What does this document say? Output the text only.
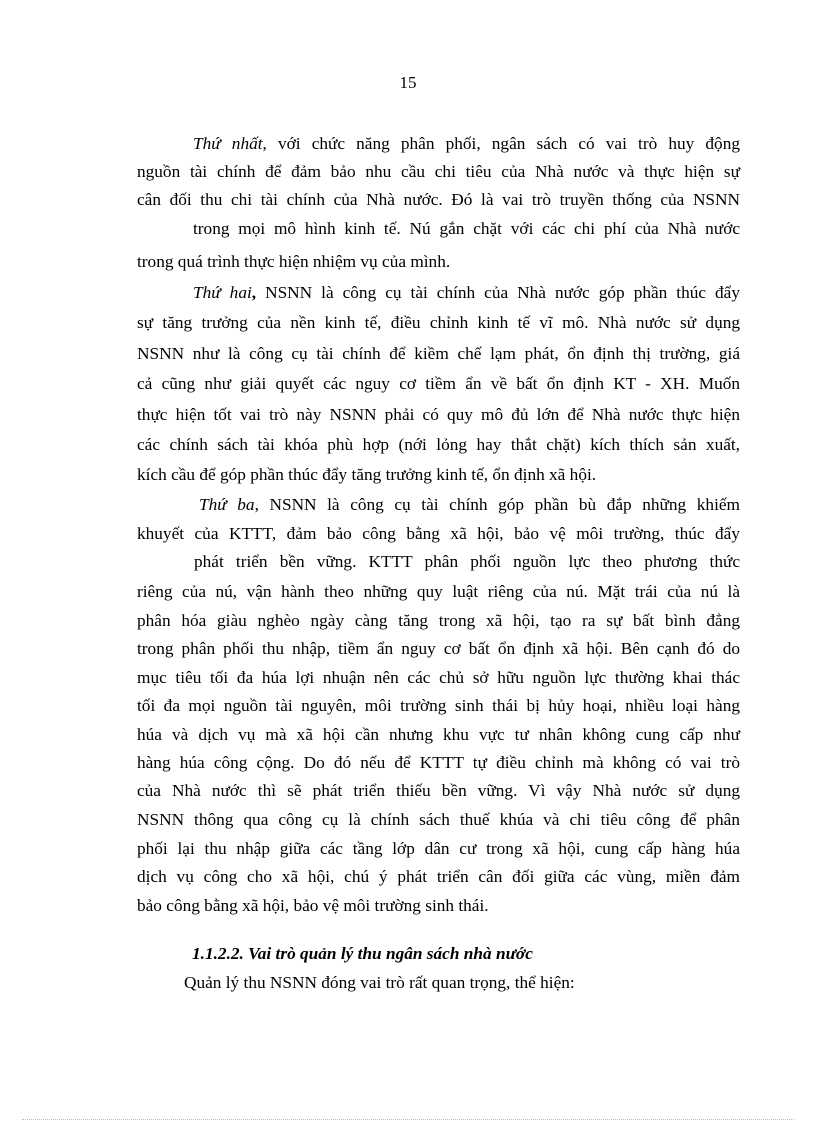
15
Thứ nhất, với chức năng phân phối, ngân sách có vai trò huy động
nguồn tài chính để đảm bảo nhu cầu chi tiêu của Nhà nước và thực hiện sự
cân đối thu chi tài chính của Nhà nước. Đó là vai trò truyền thống của NSNN
trong mọi mô hình kinh tế. Nú gắn chặt với các chi phí của Nhà nước
trong quá trình thực hiện nhiệm vụ của mình.
Thứ hai, NSNN là công cụ tài chính của Nhà nước góp phần thúc đẩy
sự tăng trưởng của nền kinh tế, điều chỉnh kinh tế vĩ mô. Nhà nước sử dụng
NSNN như là công cụ tài chính để kiềm chế lạm phát, ổn định thị trường, giá
cả cũng như giải quyết các nguy cơ tiềm ẩn về bất ổn định KT - XH. Muốn
thực hiện tốt vai trò này NSNN phải có quy mô đủ lớn để Nhà nước thực hiện
các chính sách tài khóa phù hợp (nới lỏng hay thắt chặt) kích thích sản xuất,
kích cầu để góp phần thúc đẩy tăng trưởng kinh tế, ổn định xã hội.
Thứ ba, NSNN là công cụ tài chính góp phần bù đắp những khiếm
khuyết của KTTT, đảm bảo công bằng xã hội, bảo vệ môi trường, thúc đẩy
phát triển bền vững. KTTT phân phối nguồn lực theo phương thức
riêng của nú, vận hành theo những quy luật riêng của nú. Mặt trái của nú là
phân hóa giàu nghèo ngày càng tăng trong xã hội, tạo ra sự bất bình đẳng
trong phân phối thu nhập, tiềm ẩn nguy cơ bất ổn định xã hội. Bên cạnh đó do
mục tiêu tối đa húa lợi nhuận nên các chủ sở hữu nguồn lực thường khai thác
tối đa mọi nguồn tài nguyên, môi trường sinh thái bị hủy hoại, nhiều loại hàng
húa và dịch vụ mà xã hội cần nhưng khu vực tư nhân không cung cấp như
hàng húa công cộng. Do đó nếu để KTTT tự điều chỉnh mà không có vai trò
của Nhà nước thì sẽ phát triển thiếu bền vững. Vì vậy Nhà nước sử dụng
NSNN thông qua công cụ là chính sách thuế khúa và chi tiêu công để phân
phối lại thu nhập giữa các tầng lớp dân cư trong xã hội, cung cấp hàng húa
dịch vụ công cho xã hội, chú ý phát triển cân đối giữa các vùng, miền đảm
bảo công bằng xã hội, bảo vệ môi trường sinh thái.
1.1.2.2. Vai trò quản lý thu ngân sách nhà nước
Quản lý thu NSNN đóng vai trò rất quan trọng, thể hiện:
